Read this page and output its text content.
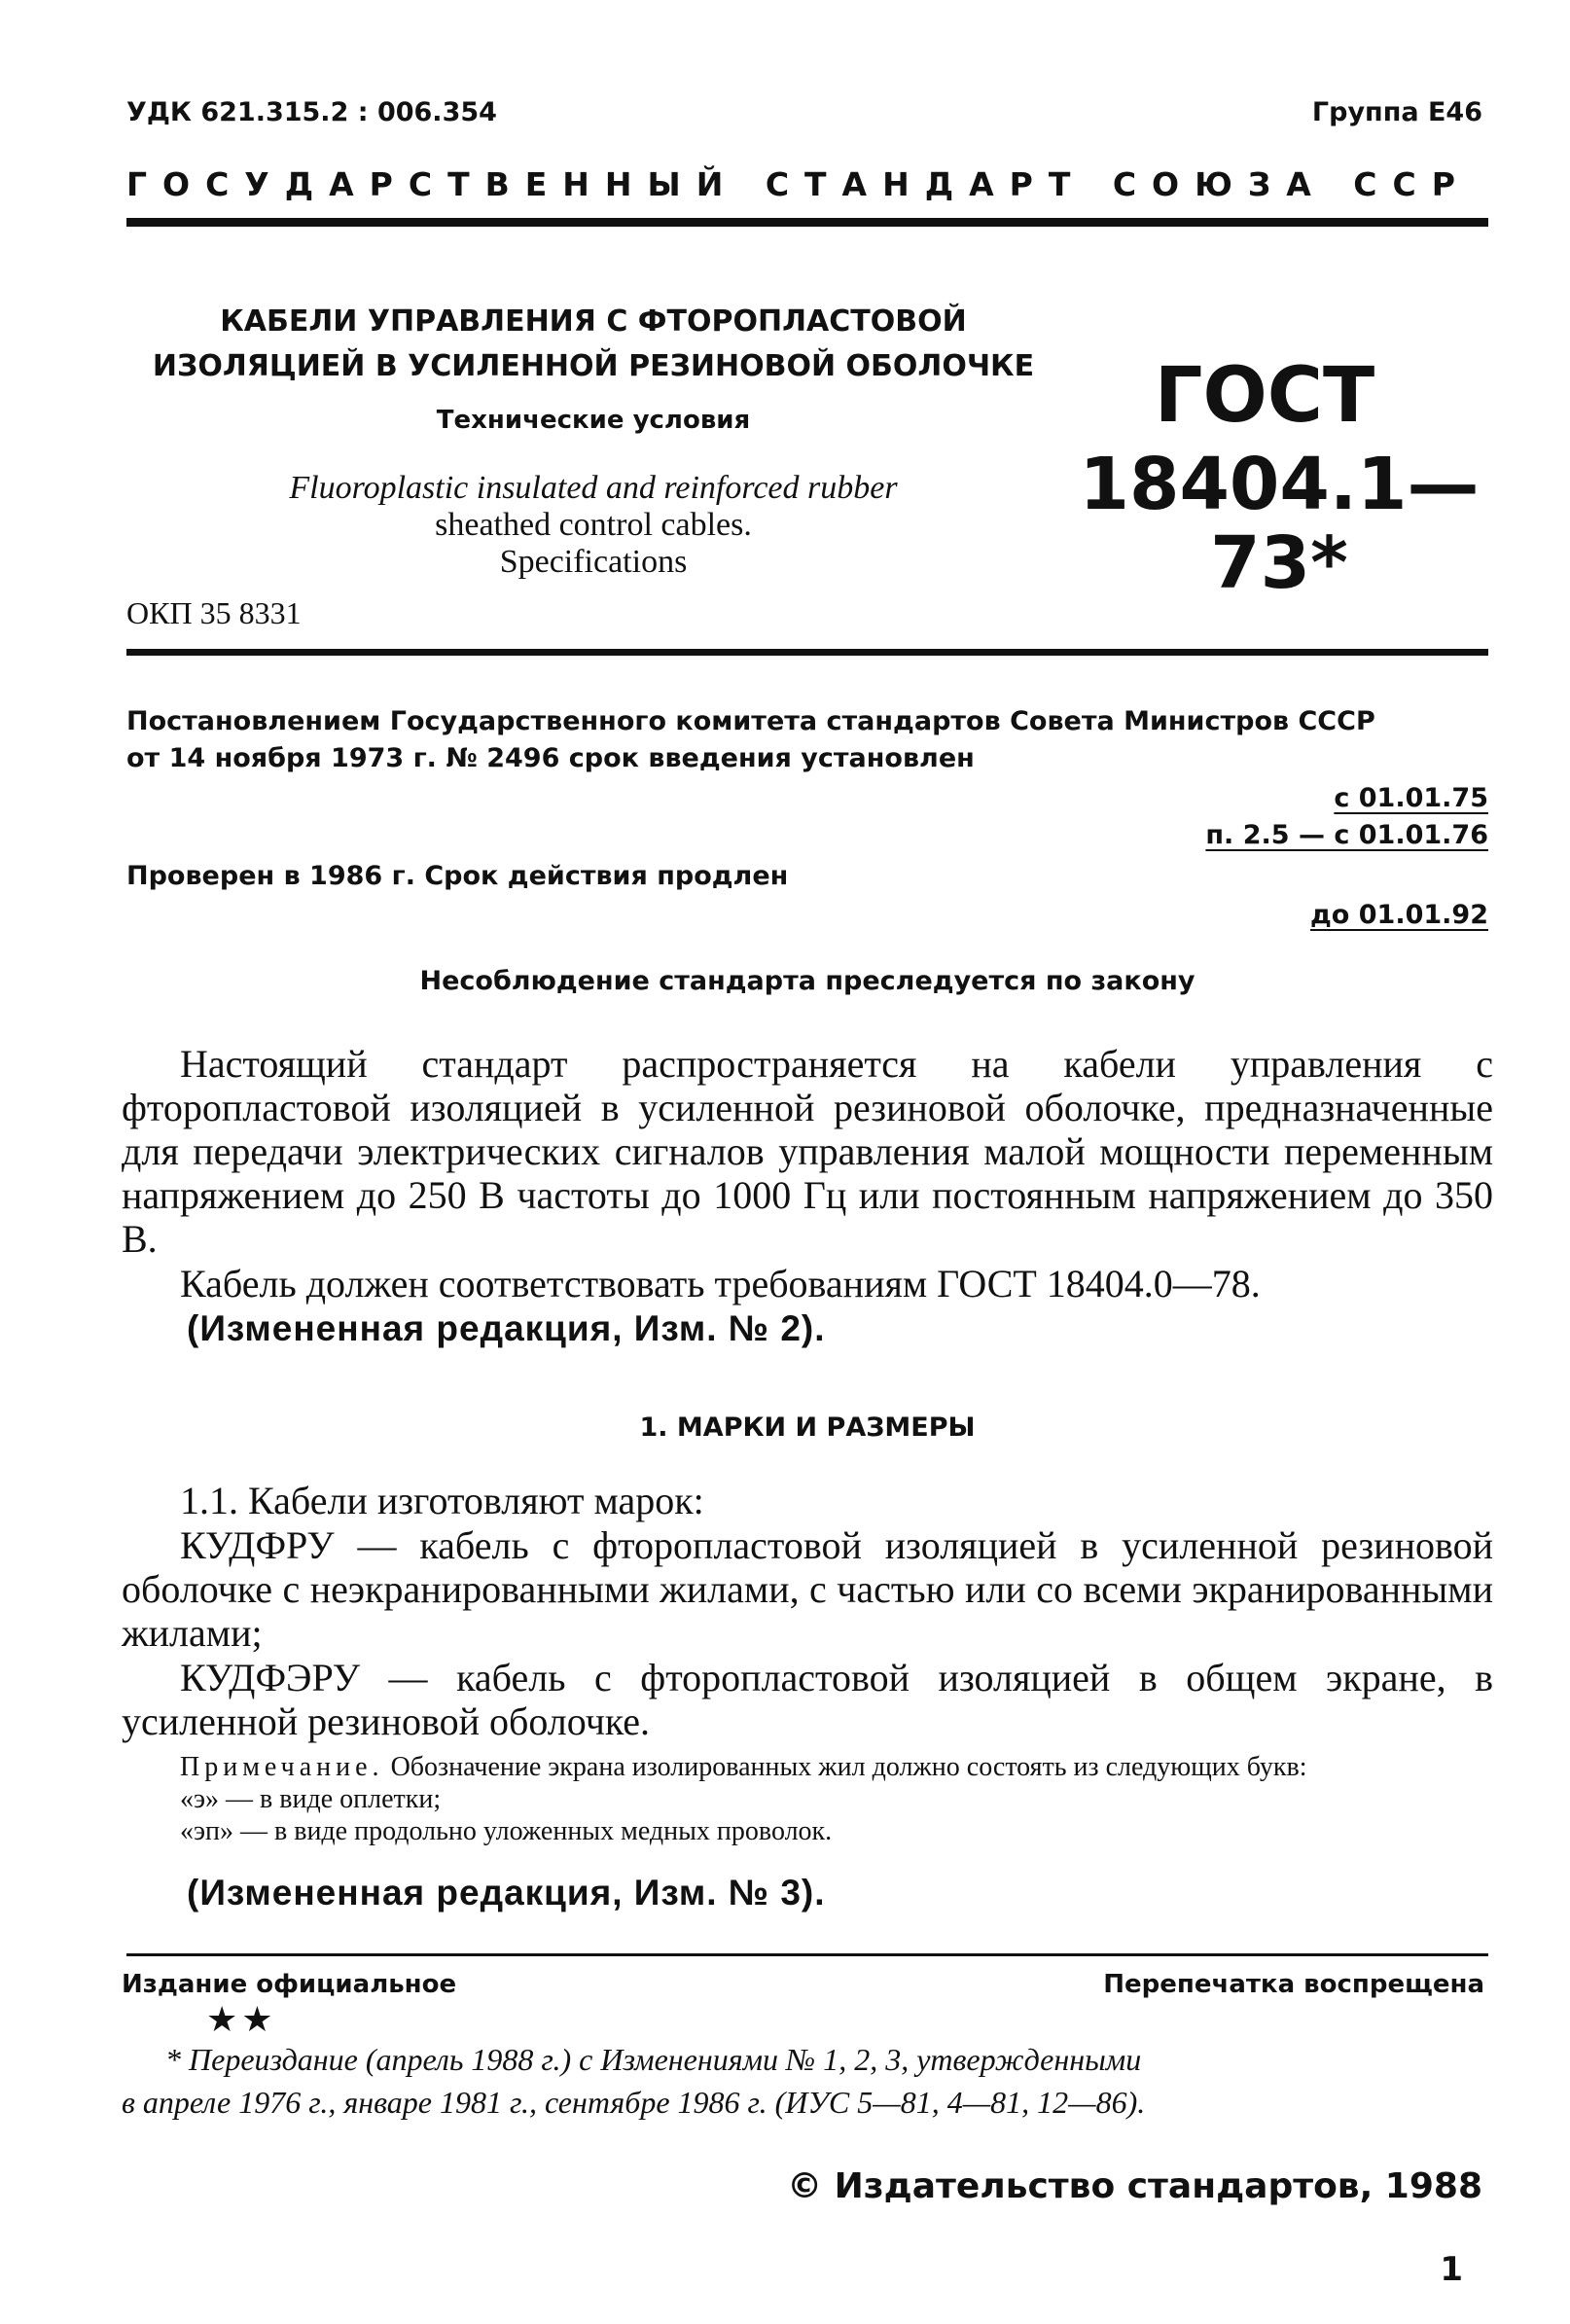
УДК 621.315.2 : 006.354	Группа Е46
ГОСУДАРСТВЕННЫЙ СТАНДАРТ СОЮЗА ССР
КАБЕЛИ УПРАВЛЕНИЯ С ФТОРОПЛАСТОВОЙ
ИЗОЛЯЦИЕЙ В УСИЛЕННОЙ РЕЗИНОВОЙ ОБОЛОЧКЕ
Технические условия
Fluoroplastic insulated and reinforced rubber
sheathed control cables.
Specifications
ОКП 35 8331
ГОСТ
18404.1—73*
Постановлением Государственного комитета стандартов Совета Министров СССР
от 14 ноября 1973 г. № 2496 срок введения установлен
с 01.01.75
п. 2.5 — с 01.01.76
Проверен в 1986 г. Срок действия продлен
до 01.01.92
Несоблюдение стандарта преследуется по закону
Настоящий стандарт распространяется на кабели управления с фторопластовой изоляцией в усиленной резиновой оболочке, предназначенные для передачи электрических сигналов управления малой мощности переменным напряжением до 250 В частоты до 1000 Гц или постоянным напряжением до 350 В.
Кабель должен соответствовать требованиям ГОСТ 18404.0—78.
(Измененная редакция, Изм. № 2).
1. МАРКИ И РАЗМЕРЫ
1.1. Кабели изготовляют марок:
КУДФРУ — кабель с фторопластовой изоляцией в усиленной резиновой оболочке с неэкранированными жилами, с частью или со всеми экранированными жилами;
КУДФЭРУ — кабель с фторопластовой изоляцией в общем экране, в усиленной резиновой оболочке.
Примечание. Обозначение экрана изолированных жил должно состоять из следующих букв:
«э» — в виде оплетки;
«эп» — в виде продольно уложенных медных проволок.
(Измененная редакция, Изм. № 3).
Издание официальное	Перепечатка воспрещена
★★
* Переиздание (апрель 1988 г.) с Изменениями № 1, 2, 3, утвержденными
в апреле 1976 г., январе 1981 г., сентябре 1986 г. (ИУС 5—81, 4—81, 12—86).
© Издательство стандартов, 1988
1
